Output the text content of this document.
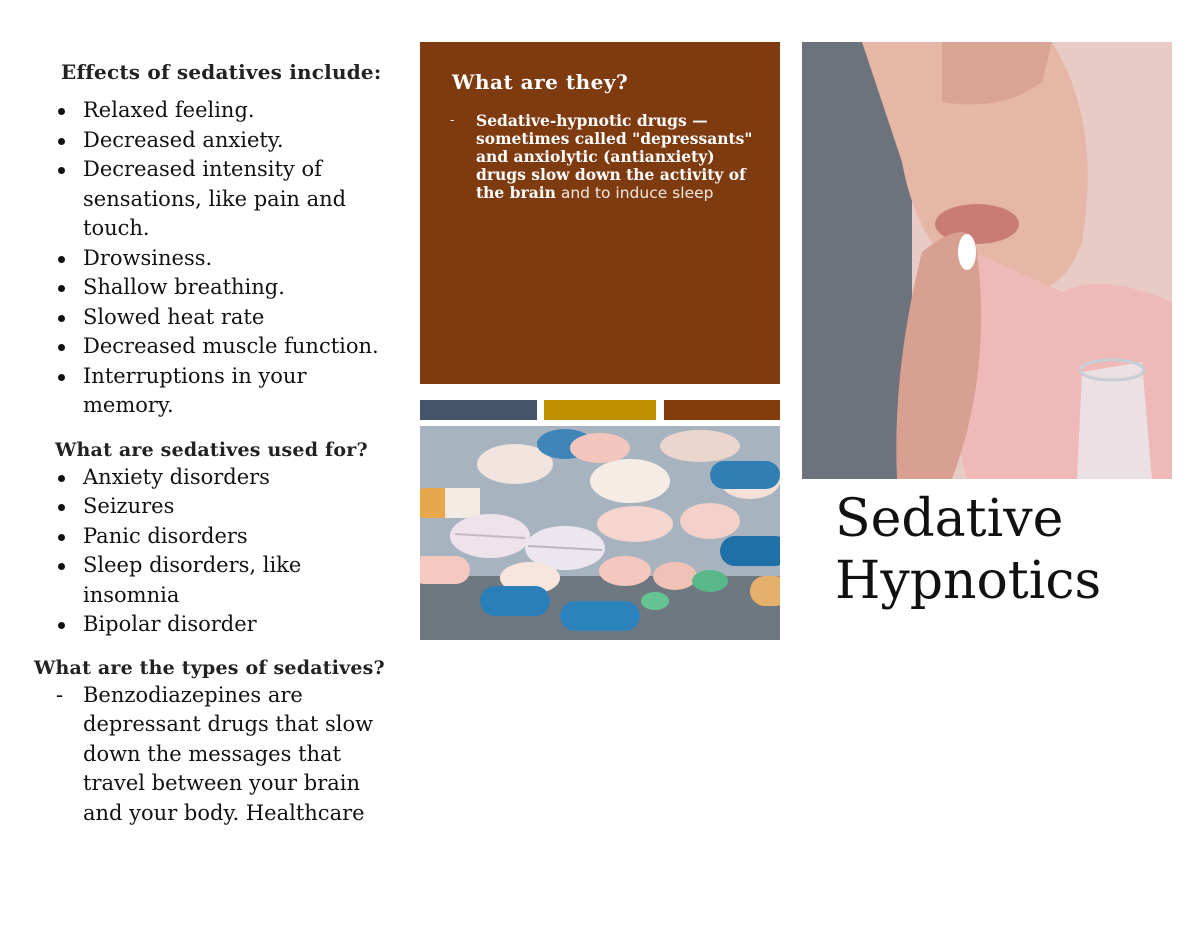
Effects of sedatives include:
Relaxed feeling.
Decreased anxiety.
Decreased intensity of
sensations, like pain and
touch.
Drowsiness.
Shallow breathing.
Slowed heat rate
Decreased muscle function.
Interruptions in your
memory.
What are sedatives used for?
Anxiety disorders
Seizures
Panic disorders
Sleep disorders, like
insomnia
Bipolar disorder
What are the types of sedatives?
- Benzodiazepines are
depressant drugs that slow
down the messages that
travel between your brain
and your body. Healthcare
What are they?
- Sedative-hypnotic drugs —
sometimes called "depressants"
and anxiolytic (antianxiety)
drugs slow down the activity of
the brain and to induce sleep
Sedative
Hypnotics
